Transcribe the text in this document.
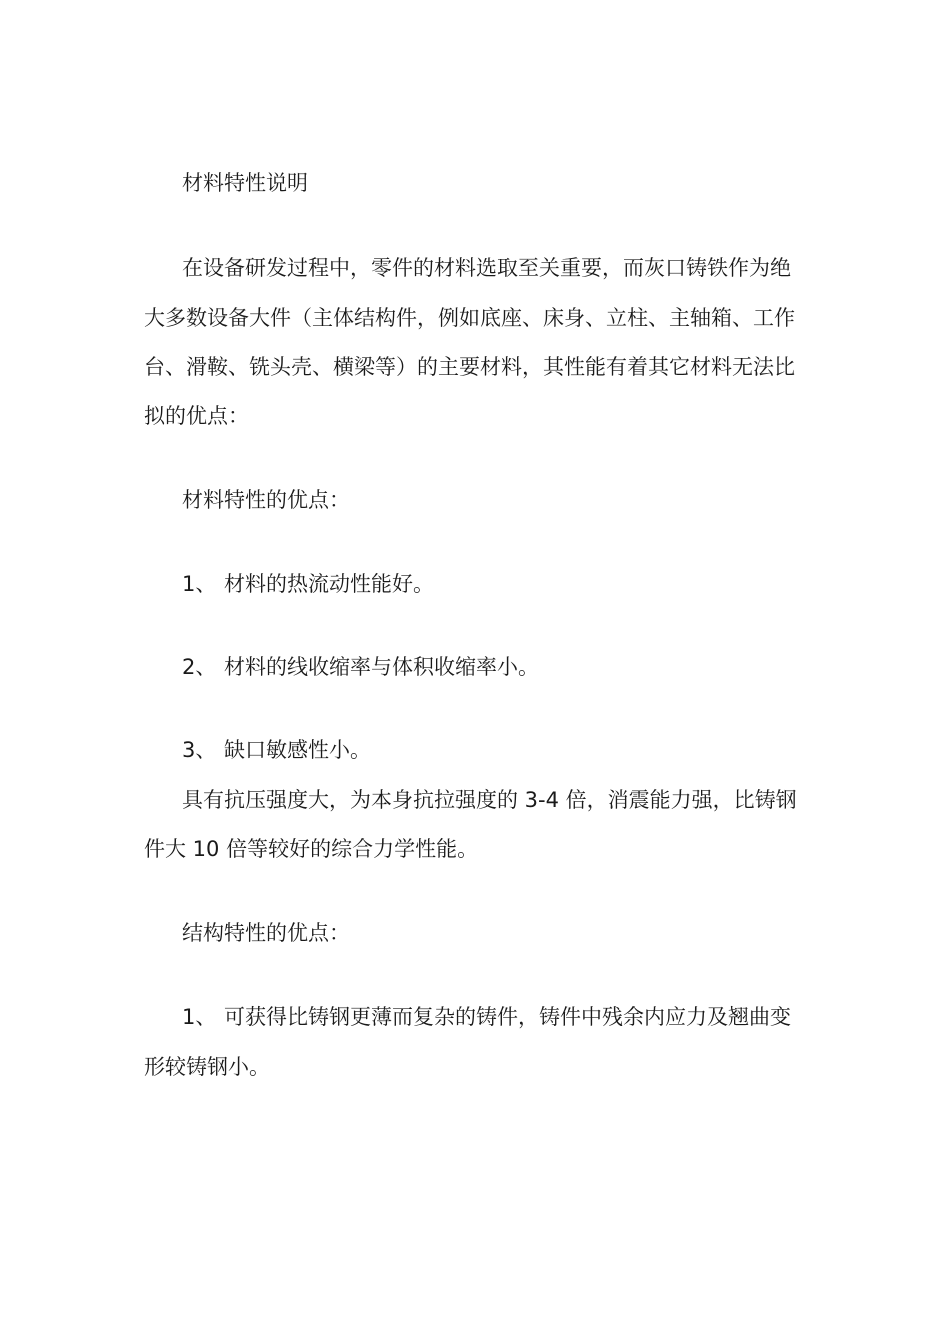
材料特性说明

在设备研发过程中，零件的材料选取至关重要，而灰口铸铁作为绝

大多数设备大件（主体结构件，例如底座、床身、立柱、主轴箱、工作

台、滑鞍、铣头壳、横梁等）的主要材料，其性能有着其它材料无法比

拟的优点：

材料特性的优点：

1、 材料的热流动性能好。

2、 材料的线收缩率与体积收缩率小。

3、 缺口敏感性小。

具有抗压强度大，为本身抗拉强度的 3-4 倍，消震能力强，比铸钢

件大 10 倍等较好的综合力学性能。

结构特性的优点：

1、 可获得比铸钢更薄而复杂的铸件，铸件中残余内应力及翘曲变

形较铸钢小。
